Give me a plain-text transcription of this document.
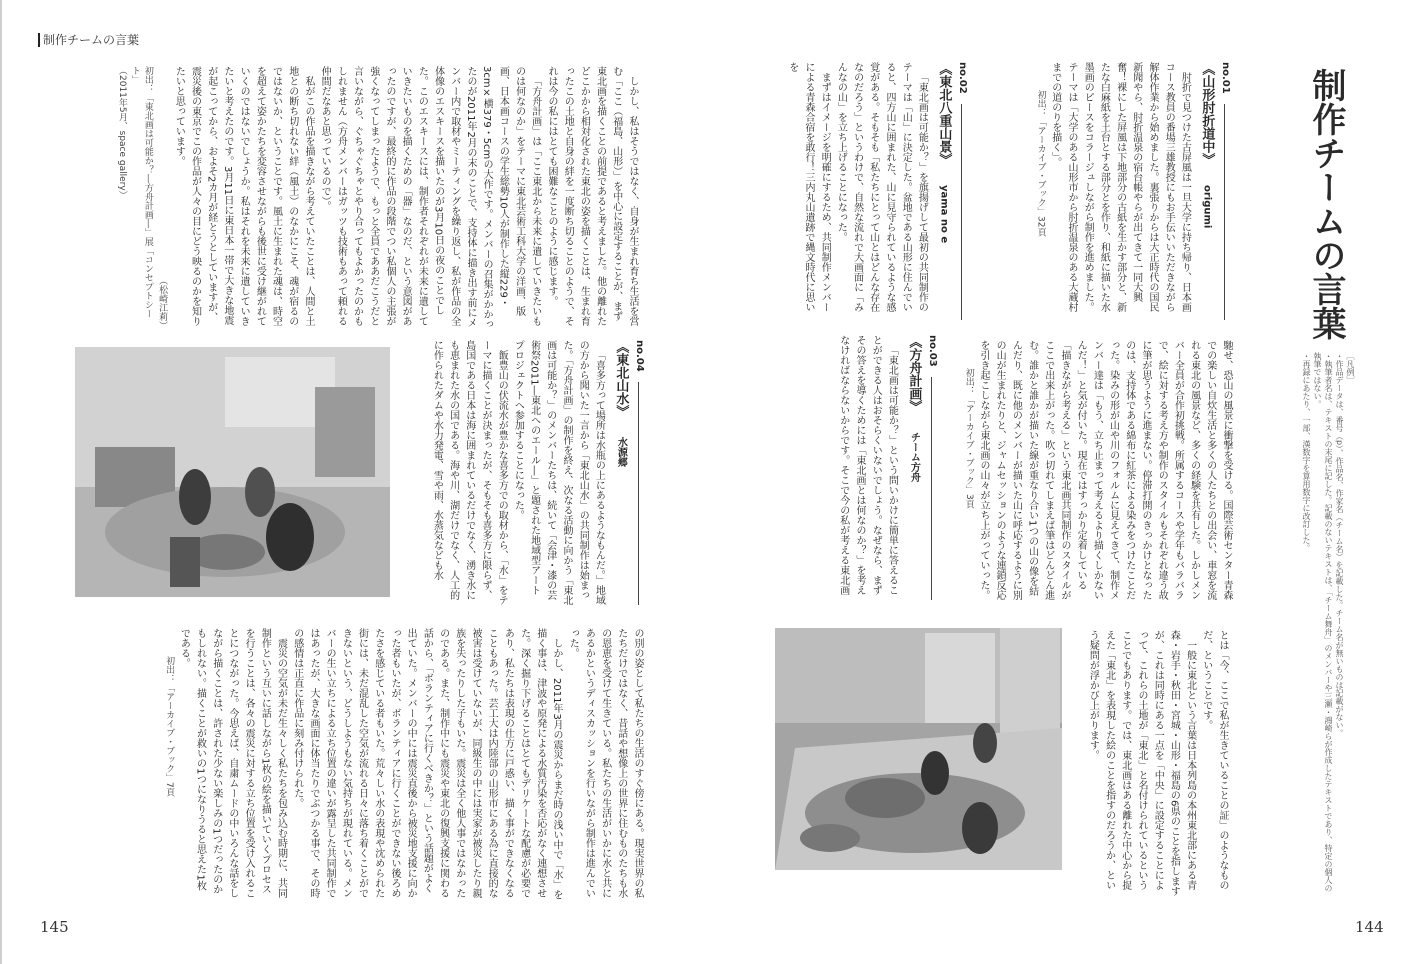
制作チームの言葉
制作チームの言葉
［凡例］
・作品データは、番号（p）、作品名、作家名（チーム名）を記載した。チーム名が無いものは記載がない。
・執筆者名は、テキストの末尾に記した。記載のないテキストは、「チーム舞舟」のメンバーや三瀬・鴻崎らが作成したテキストであり、特定の個人の執筆ではない。
・再録にあたり、一部、漢数字を算用数字に改訂した。
no.01
《山形肘折道中》 origumi

肘折で見つけた古屏風は一旦大学に持ち帰り、日本画コース教員の番場三雄教授にもお手伝いいただきながら解体作業から始めました。裏張りからは大正時代の国民新聞やら、肘折温泉の宿台帳やらが出てきて一同大興奮！裸にした屏風は下地部分の古紙を生かす部分と、新たな白麻紙を土台とする部分とを作り、和紙に描いた水墨画のピースをコラージュしながら制作を進めました。テーマは「大学のある山形市から肘折温泉のある大蔵村までの道のりを描く」。

初出：「アーカイブ・ブック」32頁
no.02
《東北八重山景》 yama no e

「東北画は可能か？」を旗揚げして最初の共同制作のテーマは「山」に決定した。盆地である山形に住んでいると、四方山に囲まれた、山に見守られているような感覚がある。そもそも「私たちにとって山とはどんな存在なのだろう」というわけで、自然な流れで大画面に「みんなの山」を立ち上げることになった。

まずはイメージを明確にするため、共同制作メンバーによる青森合宿を敢行！三内丸山遺跡で縄文時代に思いを

馳せ、恐山の風景に衝撃を受ける。国際芸術センター青森での楽しい自炊生活と多くの人たちとの出会い、車窓を流れる東北の風景など、多くの経験を共有した。しかしメンバー全員が合作初挑戦。所属するコースや学年もバラバラで、絵に対する考え方や制作のスタイルもそれぞれ違う故に筆が思うように進まない。停滞打開のきっかけとなったのは、支持体である綿布に紅茶による染みをつけたことだった。染みの形が山や川のフォルムに見えてきて、制作メンバー達は「もう、立ち止まって考えるより描くしかないんだ！」と気が付いた。現在ではすっかり定着している「描きながら考える」という東北画共同制作のスタイルがここで出来上がった。吹っ切れてしまえば筆はどんどん進む。誰かと誰かが描いた線が重なり合い1つの山の像を結んだり、既に他のメンバーが描いた山に呼応するように別の山が生まれたりと、ジャムセッションのような連鎖反応を引き起こしながら東北画の山々が立ち上がっていった。

初出：「アーカイブ・ブック」3頁
no.03
《方舟計画》 チーム方舟

「東北画は可能か？」という問いかけに簡単に答えることができる人はおそらくいないでしょう。なぜなら、まずその答えを導くためには「東北画とは何なのか？」を考えなければならないからです。そこで今の私が考える東北画

とは「今、ここで私が生きていることの証」のようなものだ、ということです。

一般に東北という言葉は日本列島の本州東北部にある青森・岩手・秋田・宮城・山形・福島の6県のことを指しますが、これは同時にある一点を「中央」に設定することによって、これらの土地が「東北」と名付けられているということでもあります。では、東北画はある離れた中心から捉えた「東北」を表現した絵のことを指すのだろうか、という疑問が浮かび上がります。

144

しかし、私はそうではなく、自身が生まれ育ち生活を営む「ここ（福島、山形）」を中心に設定することが、まず東北画を描くことの前提であると考えました。他の離れたどこかから相対化された東北の姿を描くことは、生まれ育ったこの土地と自身の絆を一度断ち切ることのようで、それは今の私にはとても困難なことのように感じます。

「方舟計画」は「ここ東北から未来に遺していきたいものは何なのか」をテーマに東北芸術工科大学の洋画、版画、日本画コースの学生総勢10人が制作した縦229・3cm×横379・5cmの大作です。メンバーの召集がかかったのが2011年2月の末のことで、支持体に描き出す前にメンバー内で取材やミーティングを繰り返し、私が作品の全体像のエスキースを描いたのが3月10日の夜のことでした。このエスキースには、制作者それぞれが未来に遺していきたいものを描くための「器」なのだ、という意図があったのですが、最終的に作品の段階でつい私個人の主張が強くなってしまったようで、もっと全員でああだこうだと言いながら、ぐちゃぐちゃとやり合ってもよかったのかもしれません（方舟メンバーはガッツも技術もあって頼れる仲間だなあと思っているので）。

私がこの作品を描きながら考えていたことは、人間と土地との断ち切れない絆（風土）のなかにこそ、魂が宿るのではないか、ということです。風土に生まれた魂は、時空を超えて姿かたちを変容させながらも後世に受け継がれていくのではないでしょうか。私はそれを未来に遺していきたいと考えたのです。3月11日に東日本一帯で大きな地震が起こってから、およそ2カ月が経とうとしていますが、震災後の東京でこの作品が人々の目にどう映るのかを知りたいと思っています。

（松崎江莉）
初出：「東北画は可能か？―方舟計画―」展「コンセプトシート」
（2011年5月、space gallery）
no.04
《東北山水》 水源郷

「喜多方って場所は水瓶の上にあるようなもんだ。」地域の方から聞いた一言から「東北山水」の共同制作は始まった。「方舟計画」の制作を終え、次なる活動に向かう「東北画は可能か？」のメンバーたちは、続いて「会津・漆の芸術祭2011―東北へのエール―」と題された地域型アートプロジェクトへ参加することになった。

飯豊山の伏流水が豊かな喜多方での取材から、「水」をテーマに描くことが決まったが、そもそも喜多方に限らず、島国である日本は海に囲まれているだけでなく、湧き水にも恵まれた水の国である。海や川、湖だけでなく、人工的に作られたダムや水力発電、雪や雨、水蒸気なども水

の別の姿として私たちの生活のすぐ傍にある。現実世界の私たちだけではなく、昔話や想像上の世界に住むものたちも水の恩恵を受けて生きている。私たちの生活がいかに水と共にあるかというディスカッションを行いながら制作は進んでいった。

しかし、2011年3月の震災からまだ時の浅い中で「水」を描く事は、津波や原発による水質汚染を否応がなく連想させた。深く掘り下げることはとてもデリケートな配慮が必要であり、私たちは表現の仕方に戸惑い、描く事ができなくなることもあった。芸工大は内陸部の山形市にある為に直接的な被害は受けていないが、同級生の中には実家が被災したり親族を失ったりした子もいた。震災は全く他人事ではなかったのである。また、制作中にも震災や東北の復興支援に関わる話から、「ボランティアに行くべきか？」という話題がよく出ていた。メンバーの中には震災直後から被災地支援に向かった者もいたが、ボランティアに行くことができない後ろめたさを感じている者もいた。荒々しい水の表現や沈められた街には、未だ混乱した空気が流れる日々に落ち着くことができないという、どうしようもない気持ちが現れている。メンバーの生い立ちによる立ち位置の違いが露呈した共同制作ではあったが、大きな画面に体当たりでぶつかる事で、その時の感情は正直に作品に刻み付けられた。

震災の空気が未だ生々しく私たちを包み込む時期に、共同制作という互いに話しながら1枚の絵を描いていくプロセスを行うことは、各々の震災に対する立ち位置を受け入れることにつながった。今思えば、自粛ムードの中いろんな話をしながら描くことは、許された少ない楽しみの1つだったのかもしれない。描くことが救いの1つになりうると思えた1枚である。

初出：「アーカイブ・ブック」7頁
145
